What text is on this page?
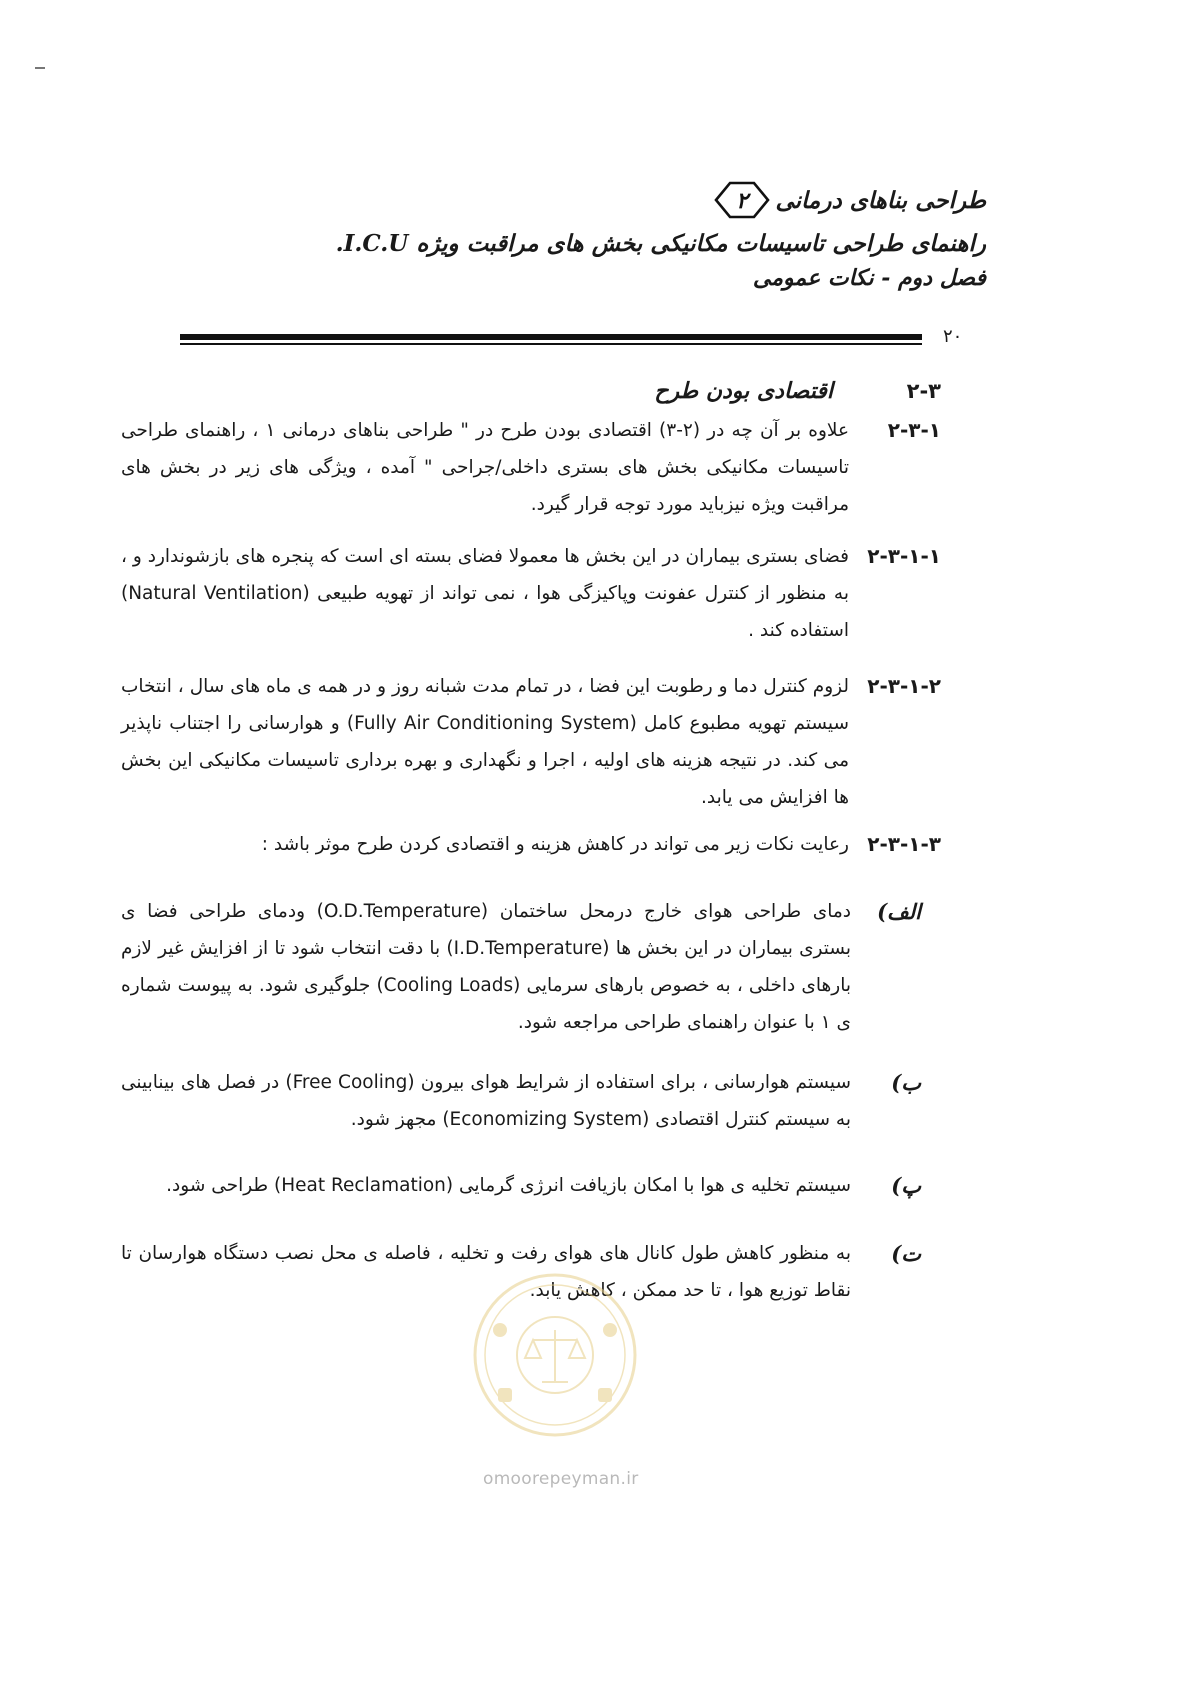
طراحی بناهای درمانی
۲
راهنمای طراحی تاسیسات مکانیکی بخش های مراقبت ویژه I.C.U.
فصل دوم - نکات عمومی
۲۰
۲-۳
اقتصادی بودن طرح
۲-۳-۱
علاوه بر آن چه در (۲-۳) اقتصادی بودن طرح در " طراحی بناهای درمانی ۱ ، راهنمای طراحی تاسیسات مکانیکی بخش های بستری داخلی/جراحی " آمده ، ویژگی های زیر در بخش های مراقبت ویژه نیزباید مورد توجه قرار گیرد.
۲-۳-۱-۱
فضای بستری بیماران در این بخش ها معمولا فضای بسته ای است که پنجره های بازشوندارد و ، به منظور از کنترل عفونت وپاکیزگی هوا ، نمی تواند از تهویه طبیعی (Natural Ventilation) استفاده کند .
۲-۳-۱-۲
لزوم کنترل دما و رطوبت این فضا ، در تمام مدت شبانه روز و در همه ی ماه های سال ، انتخاب سیستم تهویه مطبوع کامل (Fully Air Conditioning System) و هوارسانی را اجتناب ناپذیر می کند. در نتیجه هزینه های اولیه ، اجرا و نگهداری و بهره برداری تاسیسات مکانیکی این بخش ها افزایش می یابد.
۲-۳-۱-۳
رعایت نکات زیر می تواند در کاهش هزینه و اقتصادی کردن طرح موثر باشد :
الف)
دمای طراحی هوای خارج درمحل ساختمان (O.D.Temperature) ودمای طراحی فضا ی بستری بیماران در این بخش ها (I.D.Temperature) با دقت انتخاب شود تا از افزایش غیر لازم بارهای داخلی ، به خصوص بارهای سرمایی (Cooling Loads) جلوگیری شود. به پیوست شماره ی ۱ با عنوان راهنمای طراحی مراجعه شود.
ب)
سیستم هوارسانی ، برای استفاده از شرایط هوای بیرون (Free Cooling) در فصل های بینابینی به سیستم کنترل اقتصادی (Economizing System) مجهز شود.
پ)
سیستم تخلیه ی هوا با امکان بازیافت انرژی گرمایی (Heat Reclamation) طراحی شود.
ت)
به منظور کاهش طول کانال های هوای رفت و تخلیه ، فاصله ی محل نصب دستگاه هوارسان تا نقاط توزیع هوا ، تا حد ممکن ، کاهش یابد.
omoorepeyman.ir
